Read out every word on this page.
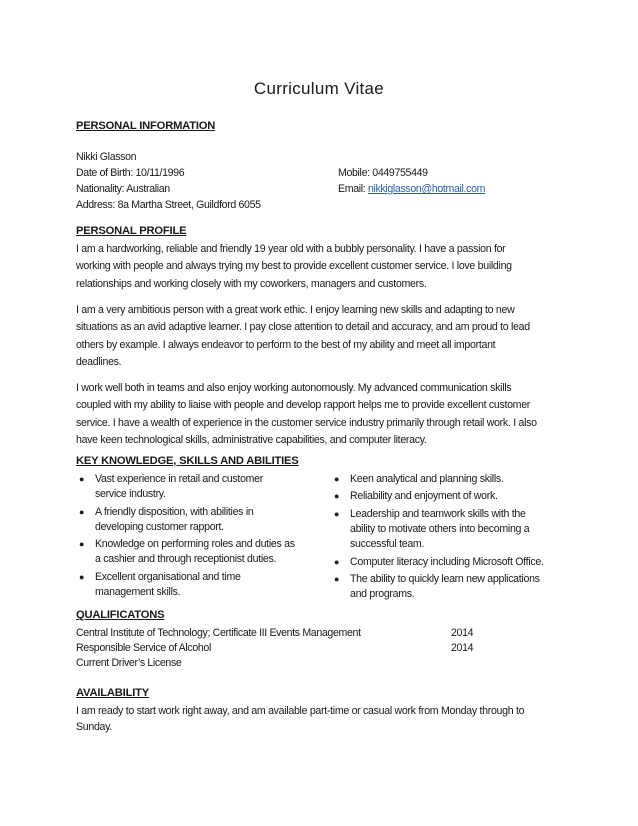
Curriculum Vitae
PERSONAL INFORMATION
Nikki Glasson
Date of Birth: 10/11/1996
Nationality: Australian
Address: 8a Martha Street, Guildford 6055
Mobile: 0449755449
Email: nikkiglasson@hotmail.com
PERSONAL PROFILE
I am a hardworking, reliable and friendly 19 year old with a bubbly personality. I have a passion for
working with people and always trying my best to provide excellent customer service. I love building
relationships and working closely with my coworkers, managers and customers.
I am a very ambitious person with a great work ethic. I enjoy learning new skills and adapting to new
situations as an avid adaptive learner. I pay close attention to detail and accuracy, and am proud to lead
others by example. I always endeavor to perform to the best of my ability and meet all important
deadlines.
I work well both in teams and also enjoy working autonomously. My advanced communication skills
coupled with my ability to liaise with people and develop rapport helps me to provide excellent customer
service. I have a wealth of experience in the customer service industry primarily through retail work. I also
have keen technological skills, administrative capabilities, and computer literacy.
KEY KNOWLEDGE, SKILLS AND ABILITIES
● Vast experience in retail and customer
service industry.
● A friendly disposition, with abilities in
developing customer rapport.
● Knowledge on performing roles and duties as
a cashier and through receptionist duties.
● Excellent organisational and time
management skills.
● Keen analytical and planning skills.
● Reliability and enjoyment of work.
● Leadership and teamwork skills with the
ability to motivate others into becoming a
successful team.
● Computer literacy including Microsoft Office.
● The ability to quickly learn new applications
and programs.
QUALIFICATONS
Central Institute of Technology; Certificate III Events Management	2014
Responsible Service of Alcohol	2014
Current Driver’s License
AVAILABILITY
I am ready to start work right away, and am available part-time or casual work from Monday through to
Sunday.
